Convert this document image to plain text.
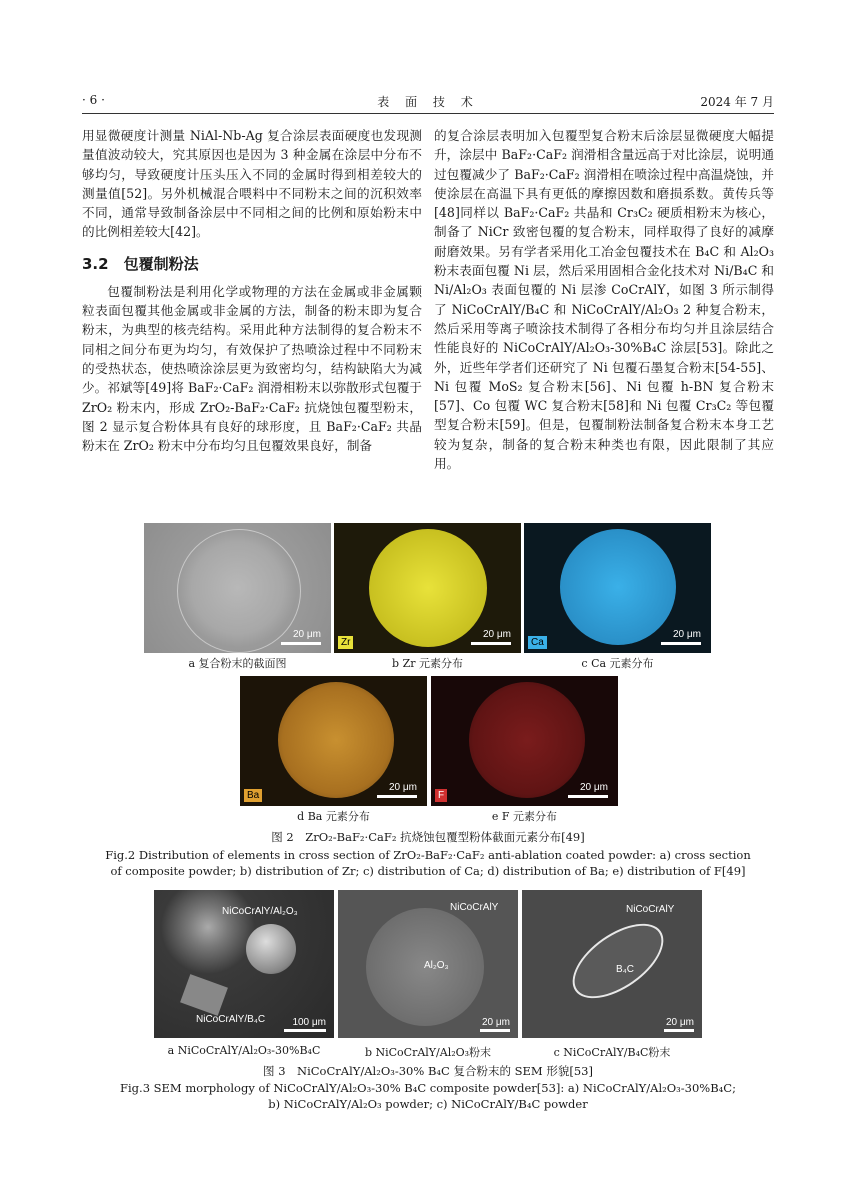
· 6 ·	表 面 技 术	2024 年 7 月

用显微硬度计测量 NiAl-Nb-Ag 复合涂层表面硬度也发现测量值波动较大，究其原因也是因为 3 种金属在涂层中分布不够均匀，导致硬度计压头压入不同的金属时得到相差较大的测量值[52]。另外机械混合喂料中不同粉末之间的沉积效率不同，通常导致制备涂层中不同相之间的比例和原始粉末中的比例相差较大[42]。

3.2　包覆制粉法

包覆制粉法是利用化学或物理的方法在金属或非金属颗粒表面包覆其他金属或非金属的方法，制备的粉末即为复合粉末，为典型的核壳结构。采用此种方法制得的复合粉末不同相之间分布更为均匀，有效保护了热喷涂过程中不同粉末的受热状态，使热喷涂涂层更为致密均匀，结构缺陷大为减少。祁斌等[49]将 BaF₂·CaF₂ 润滑相粉末以弥散形式包覆于 ZrO₂ 粉末内，形成 ZrO₂-BaF₂·CaF₂ 抗烧蚀包覆型粉末，图 2 显示复合粉体具有良好的球形度，且 BaF₂·CaF₂ 共晶粉末在 ZrO₂ 粉末中分布均匀且包覆效果良好，制备

的复合涂层表明加入包覆型复合粉末后涂层显微硬度大幅提升，涂层中 BaF₂·CaF₂ 润滑相含量远高于对比涂层，说明通过包覆减少了 BaF₂·CaF₂ 润滑相在喷涂过程中高温烧蚀，并使涂层在高温下具有更低的摩擦因数和磨损系数。黄传兵等[48]同样以 BaF₂·CaF₂ 共晶和 Cr₃C₂ 硬质相粉末为核心，制备了 NiCr 致密包覆的复合粉末，同样取得了良好的减摩耐磨效果。另有学者采用化工冶金包覆技术在 B₄C 和 Al₂O₃ 粉末表面包覆 Ni 层，然后采用固相合金化技术对 Ni/B₄C 和 Ni/Al₂O₃ 表面包覆的 Ni 层渗 CoCrAlY，如图 3 所示制得了 NiCoCrAlY/B₄C 和 NiCoCrAlY/Al₂O₃ 2 种复合粉末，然后采用等离子喷涂技术制得了各相分布均匀并且涂层结合性能良好的 NiCoCrAlY/Al₂O₃-30%B₄C 涂层[53]。除此之外，近些年学者们还研究了 Ni 包覆石墨复合粉末[54-55]、Ni 包覆 MoS₂ 复合粉末[56]、Ni 包覆 h-BN 复合粉末[57]、Co 包覆 WC 复合粉末[58]和 Ni 包覆 Cr₃C₂ 等包覆型复合粉末[59]。但是，包覆制粉法制备复合粉末本身工艺较为复杂，制备的复合粉末种类也有限，因此限制了其应用。

20 μm
Zr
20 μm
Ca
20 μm
a 复合粉末的截面图	b Zr 元素分布	c Ca 元素分布
Ba
20 μm
F
20 μm
d Ba 元素分布	e F 元素分布
图 2　ZrO₂-BaF₂·CaF₂ 抗烧蚀包覆型粉体截面元素分布[49]
Fig.2 Distribution of elements in cross section of ZrO₂-BaF₂·CaF₂ anti-ablation coated powder: a) cross section of composite powder; b) distribution of Zr; c) distribution of Ca; d) distribution of Ba; e) distribution of F[49]
NiCoCrAlY/Al₂O₃
NiCoCrAlY/B₄C	100 μm
NiCoCrAlY
Al₂O₃
20 μm
NiCoCrAlY
B₄C
20 μm
a NiCoCrAlY/Al₂O₃-30%B₄C	b NiCoCrAlY/Al₂O₃粉末	c NiCoCrAlY/B₄C粉末
图 3　NiCoCrAlY/Al₂O₃-30% B₄C 复合粉末的 SEM 形貌[53]
Fig.3 SEM morphology of NiCoCrAlY/Al₂O₃-30% B₄C composite powder[53]: a) NiCoCrAlY/Al₂O₃-30%B₄C;
b) NiCoCrAlY/Al₂O₃ powder; c) NiCoCrAlY/B₄C powder
